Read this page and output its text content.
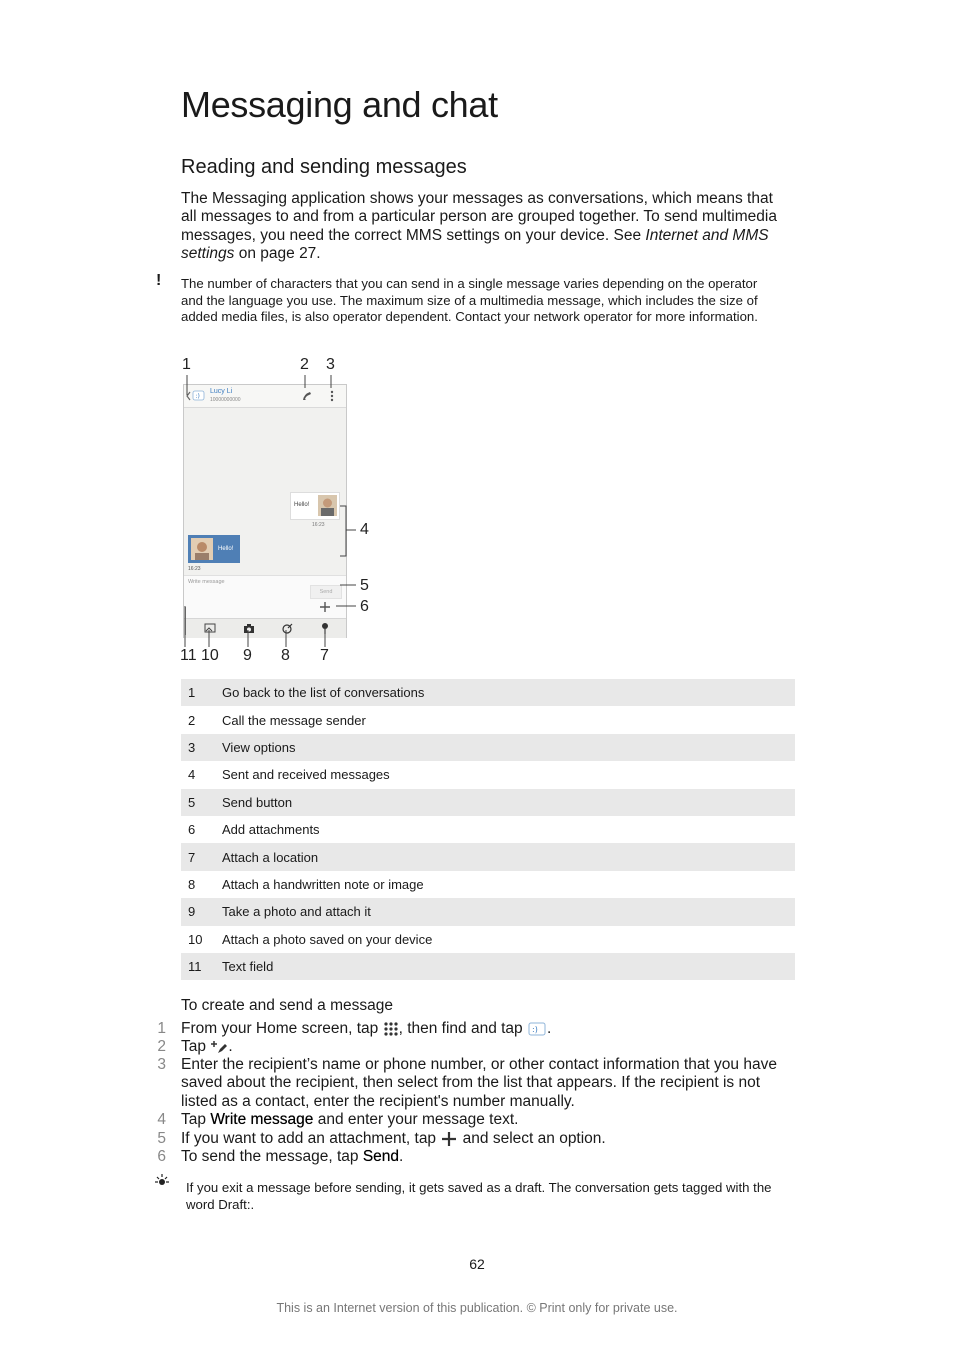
Messaging and chat
Reading and sending messages
The Messaging application shows your messages as conversations, which means that all messages to and from a particular person are grouped together. To send multimedia messages, you need the correct MMS settings on your device. See Internet and MMS settings on page 27.
! The number of characters that you can send in a single message varies depending on the operator and the language you use. The maximum size of a multimedia message, which includes the size of added media files, is also operator dependent. Contact your network operator for more information.
:)
Lucy Li
10000000000
Hello!
16:23
Hello!
16:23
Write message
Send
1	2 3
4
5
6
7
8
9
10
11
1	Go back to the list of conversations
2	Call the message sender
3	View options
4	Sent and received messages
5	Send button
6	Add attachments
7	Attach a location
8	Attach a handwritten note or image
9	Take a photo and attach it
10	Attach a photo saved on your device
11	Text field
To create and send a message
1 From your Home screen, tap , then find and tap :) .
2 Tap .
3 Enter the recipient’s name or phone number, or other contact information that you have saved about the recipient, then select from the list that appears. If the recipient is not listed as a contact, enter the recipient's number manually.
4 Tap Write message and enter your message text.
5 If you want to add an attachment, tap  and select an option.
6 To send the message, tap Send.
If you exit a message before sending, it gets saved as a draft. The conversation gets tagged with the word Draft:.
62
This is an Internet version of this publication. © Print only for private use.
